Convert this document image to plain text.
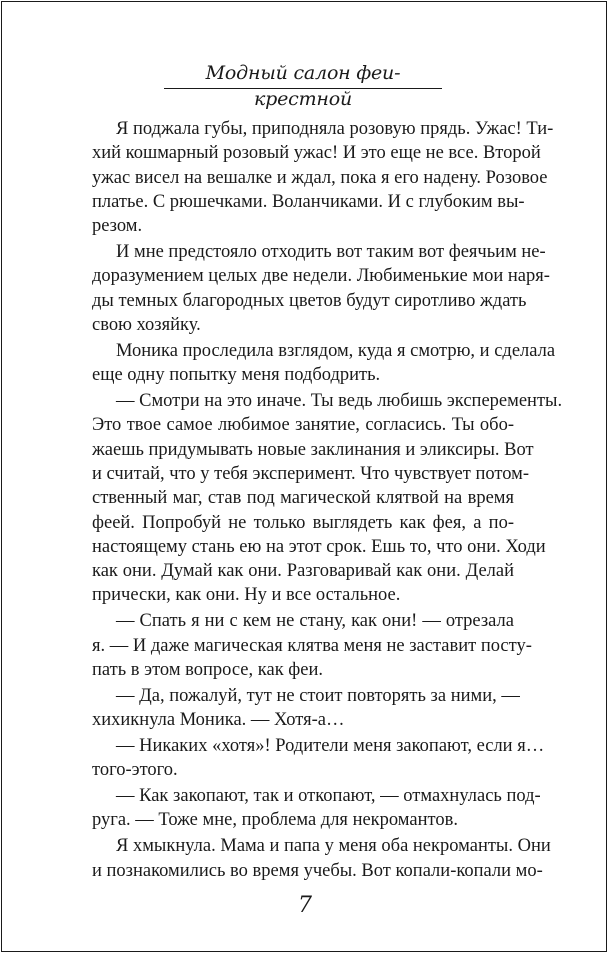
Модный салон феи-крестной
Я поджала губы, приподняла розовую прядь. Ужас! Ти-
хий кошмарный розовый ужас! И это еще не все. Второй
ужас висел на вешалке и ждал, пока я его надену. Розовое
платье. С рюшечками. Воланчиками. И с глубоким вы-
резом.
И мне предстояло отходить вот таким вот феячьим не-
доразумением целых две недели. Любименькие мои наря-
ды темных благородных цветов будут сиротливо ждать
свою хозяйку.
Моника проследила взглядом, куда я смотрю, и сделала
еще одну попытку меня подбодрить.
— Смотри на это иначе. Ты ведь любишь эксперементы.
Это твое самое любимое занятие, согласись. Ты обо-
жаешь придумывать новые заклинания и эликсиры. Вот
и считай, что у тебя эксперимент. Что чувствует потом-
ственный маг, став под магической клятвой на время
феей. Попробуй не только выглядеть как фея, а по-
настоящему стань ею на этот срок. Ешь то, что они. Ходи
как они. Думай как они. Разговаривай как они. Делай
прически, как они. Ну и все остальное.
— Спать я ни с кем не стану, как они! — отрезала
я. — И даже магическая клятва меня не заставит посту-
пать в этом вопросе, как феи.
— Да, пожалуй, тут не стоит повторять за ними, —
хихикнула Моника. — Хотя-а…
— Никаких «хотя»! Родители меня закопают, если я…
того-этого.
— Как закопают, так и откопают, — отмахнулась под-
руга. — Тоже мне, проблема для некромантов.
Я хмыкнула. Мама и папа у меня оба некроманты. Они
и познакомились во время учебы. Вот копали-копали мо-
7
